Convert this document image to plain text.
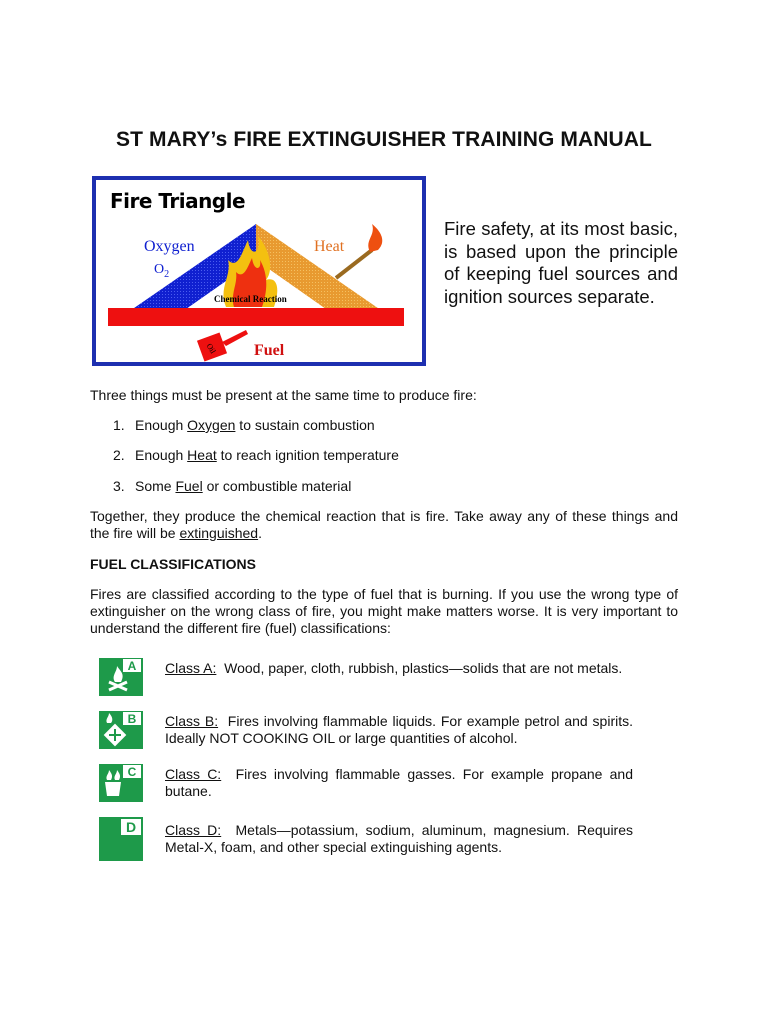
ST MARY’s FIRE EXTINGUISHER TRAINING MANUAL
Fire Triangle
Oxygen
$O_2$
Heat
Chemical Reaction
Oil Fuel
Fire safety, at its most basic, is based upon the principle of keeping fuel sources and ignition sources separate.
Three things must be present at the same time to produce fire:
1. Enough Oxygen to sustain combustion
2. Enough Heat to reach ignition temperature
3. Some Fuel or combustible material
Together, they produce the chemical reaction that is fire. Take away any of these things and the fire will be extinguished.
FUEL CLASSIFICATIONS
Fires are classified according to the type of fuel that is burning. If you use the wrong type of extinguisher on the wrong class of fire, you might make matters worse. It is very important to understand the different fire (fuel) classifications:
A Class A:  Wood, paper, cloth, rubbish, plastics—solids that are not metals.
B Class B:  Fires involving flammable liquids. For example petrol and spirits. Ideally NOT COOKING OIL or large quantities of alcohol.
C Class C:  Fires involving flammable gasses. For example propane and butane.
D Class D:  Metals—potassium, sodium, aluminum, magnesium. Requires Metal-X, foam, and other special extinguishing agents.
